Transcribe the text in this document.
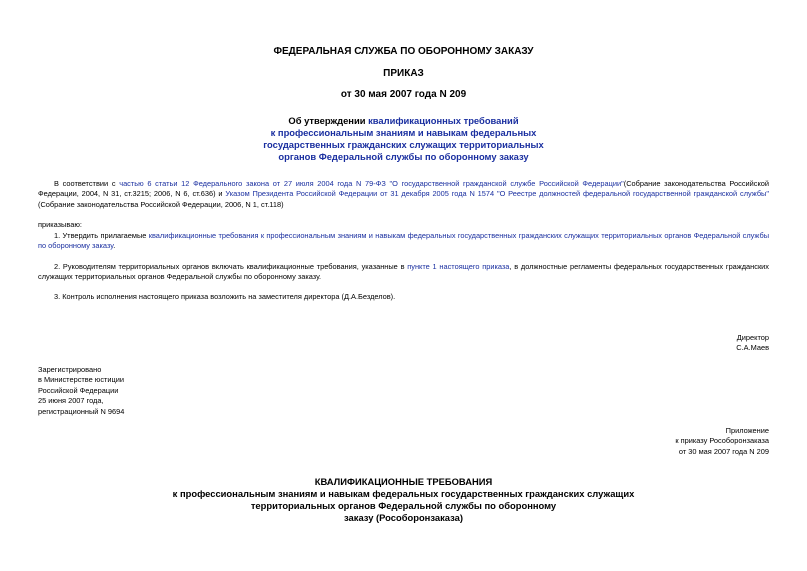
ФЕДЕРАЛЬНАЯ СЛУЖБА ПО ОБОРОННОМУ ЗАКАЗУ
ПРИКАЗ
от 30 мая 2007 года N 209
Об утверждении квалификационных требований
к профессиональным знаниям и навыкам федеральных
государственных гражданских служащих территориальных
органов Федеральной службы по оборонному заказу
В соответствии с частью 6 статьи 12 Федерального закона от 27 июля 2004 года N 79-ФЗ "О государственной гражданской службе Российской Федерации"(Собрание законодательства Российской Федерации, 2004, N 31, ст.3215; 2006, N 6, ст.636) и Указом Президента Российской Федерации от 31 декабря 2005 года N 1574 "О Реестре должностей федеральной государственной гражданской службы" (Собрание законодательства Российской Федерации, 2006, N 1, ст.118)
приказываю:
1. Утвердить прилагаемые квалификационные требования к профессиональным знаниям и навыкам федеральных государственных гражданских служащих территориальных органов Федеральной службы по оборонному заказу.
2. Руководителям территориальных органов включать квалификационные требования, указанные в пункте 1 настоящего приказа, в должностные регламенты федеральных государственных гражданских служащих территориальных органов Федеральной службы по оборонному заказу.
3. Контроль исполнения настоящего приказа возложить на заместителя директора (Д.А.Безделов).
Директор
С.А.Маев
Зарегистрировано
в Министерстве юстиции
Российской Федерации
25 июня 2007 года,
регистрационный N 9694
Приложение
к приказу Рособоронзаказа
от 30 мая 2007 года N 209
КВАЛИФИКАЦИОННЫЕ ТРЕБОВАНИЯ
к профессиональным знаниям и навыкам федеральных государственных гражданских служащих
территориальных органов Федеральной службы по оборонному
заказу (Рособоронзаказа)
